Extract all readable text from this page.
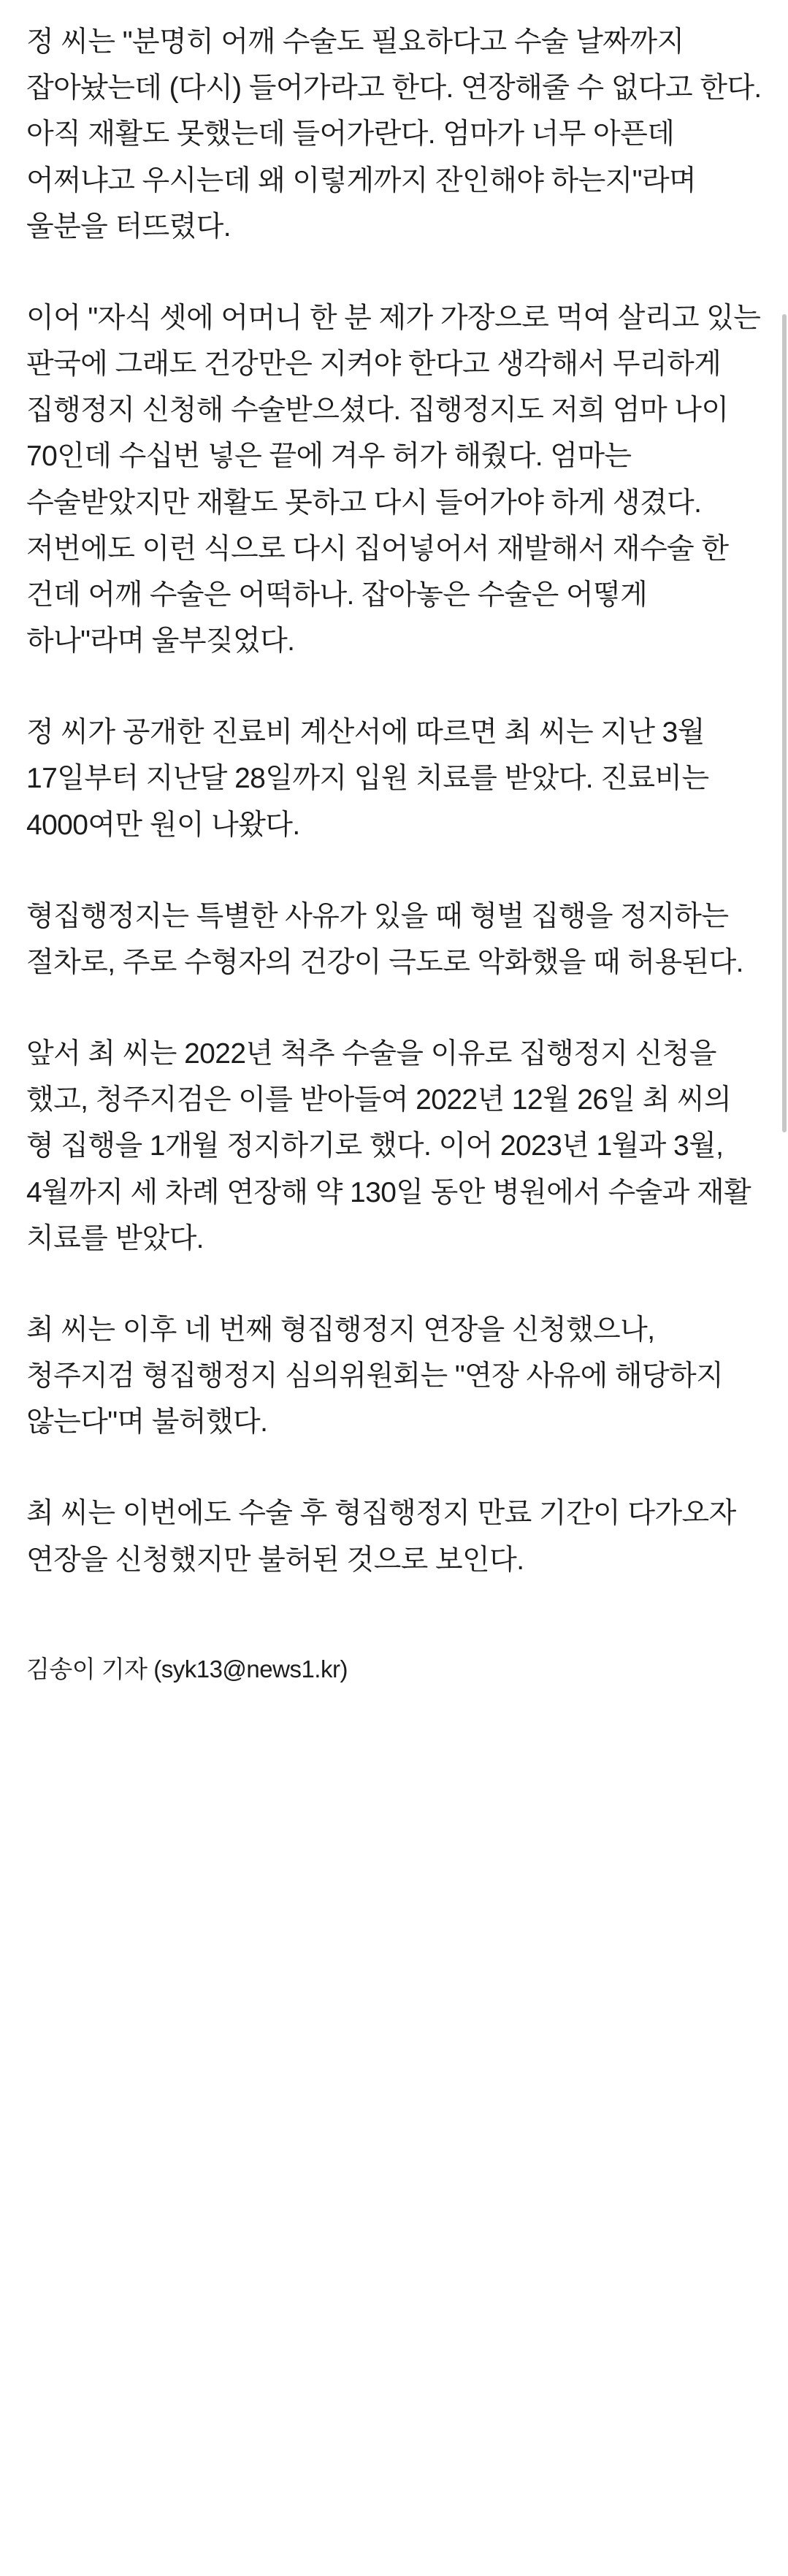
정 씨는 "분명히 어깨 수술도 필요하다고 수술 날짜까지 잡아놨는데 (다시) 들어가라고 한다. 연장해줄 수 없다고 한다. 아직 재활도 못했는데 들어가란다. 엄마가 너무 아픈데 어쩌냐고 우시는데 왜 이렇게까지 잔인해야 하는지"라며 울분을 터뜨렸다.

이어 "자식 셋에 어머니 한 분 제가 가장으로 먹여 살리고 있는 판국에 그래도 건강만은 지켜야 한다고 생각해서 무리하게 집행정지 신청해 수술받으셨다. 집행정지도 저희 엄마 나이 70인데 수십번 넣은 끝에 겨우 허가 해줬다. 엄마는 수술받았지만 재활도 못하고 다시 들어가야 하게 생겼다. 저번에도 이런 식으로 다시 집어넣어서 재발해서 재수술 한 건데 어깨 수술은 어떡하나. 잡아놓은 수술은 어떻게 하나"라며 울부짖었다.

정 씨가 공개한 진료비 계산서에 따르면 최 씨는 지난 3월 17일부터 지난달 28일까지 입원 치료를 받았다. 진료비는 4000여만 원이 나왔다.

형집행정지는 특별한 사유가 있을 때 형벌 집행을 정지하는 절차로, 주로 수형자의 건강이 극도로 악화했을 때 허용된다.

앞서 최 씨는 2022년 척추 수술을 이유로 집행정지 신청을 했고, 청주지검은 이를 받아들여 2022년 12월 26일 최 씨의 형 집행을 1개월 정지하기로 했다. 이어 2023년 1월과 3월, 4월까지 세 차례 연장해 약 130일 동안 병원에서 수술과 재활 치료를 받았다.

최 씨는 이후 네 번째 형집행정지 연장을 신청했으나, 청주지검 형집행정지 심의위원회는 "연장 사유에 해당하지 않는다"며 불허했다.

최 씨는 이번에도 수술 후 형집행정지 만료 기간이 다가오자 연장을 신청했지만 불허된 것으로 보인다.

김송이 기자 (syk13@news1.kr)
